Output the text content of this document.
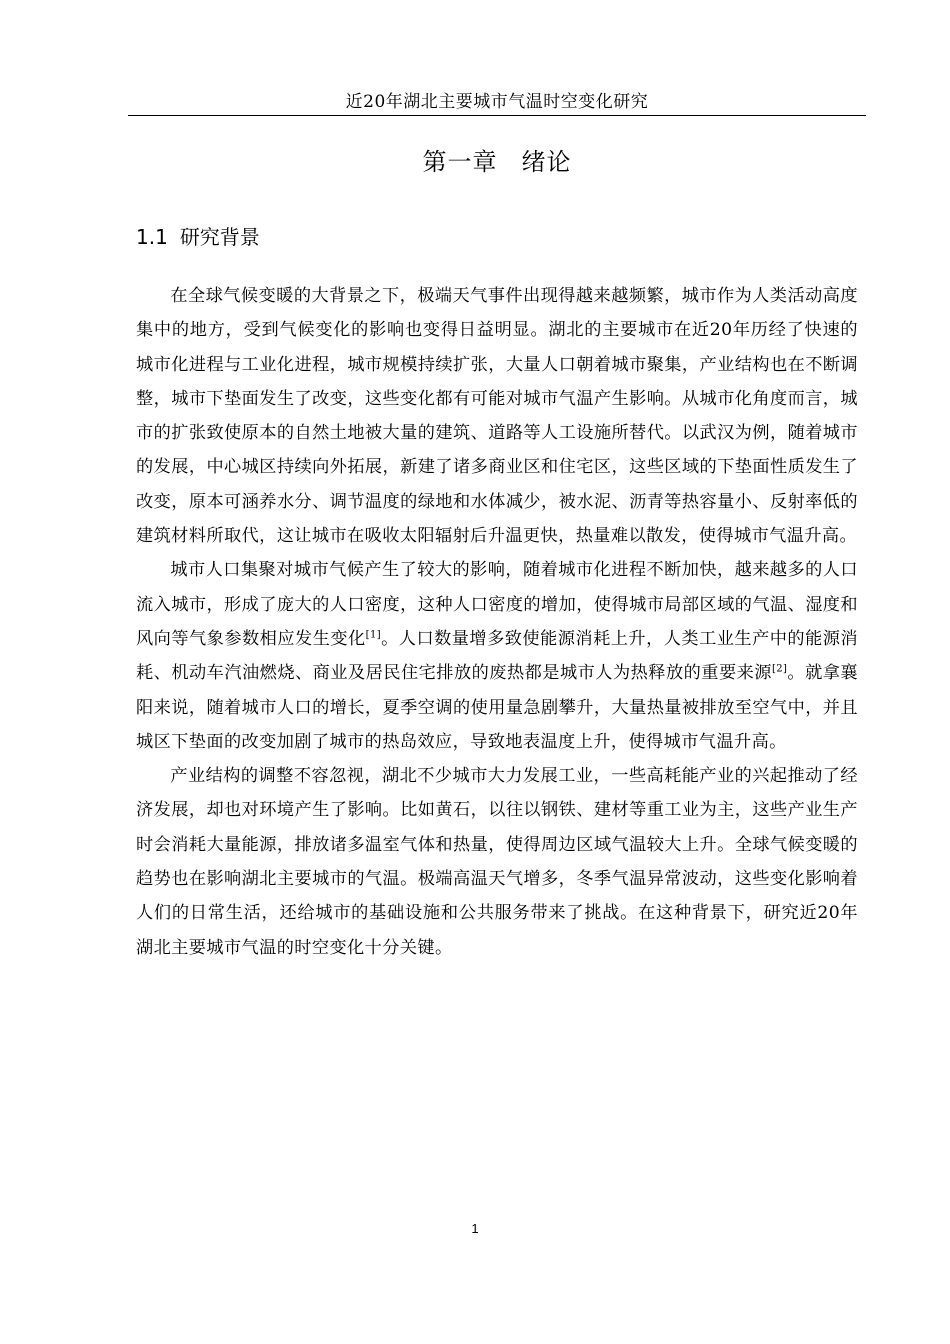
近20年湖北主要城市气温时空变化研究
第一章 绪论
1.1 研究背景

在全球气候变暖的大背景之下，极端天气事件出现得越来越频繁，城市作为人类活动高度集中的地方，受到气候变化的影响也变得日益明显。湖北的主要城市在近20年历经了快速的城市化进程与工业化进程，城市规模持续扩张，大量人口朝着城市聚集，产业结构也在不断调整，城市下垫面发生了改变，这些变化都有可能对城市气温产生影响。从城市化角度而言，城市的扩张致使原本的自然土地被大量的建筑、道路等人工设施所替代。以武汉为例，随着城市的发展，中心城区持续向外拓展，新建了诸多商业区和住宅区，这些区域的下垫面性质发生了改变，原本可涵养水分、调节温度的绿地和水体减少，被水泥、沥青等热容量小、反射率低的建筑材料所取代，这让城市在吸收太阳辐射后升温更快，热量难以散发，使得城市气温升高。

城市人口集聚对城市气候产生了较大的影响，随着城市化进程不断加快，越来越多的人口流入城市，形成了庞大的人口密度，这种人口密度的增加，使得城市局部区域的气温、湿度和风向等气象参数相应发生变化[1]。人口数量增多致使能源消耗上升，人类工业生产中的能源消耗、机动车汽油燃烧、商业及居民住宅排放的废热都是城市人为热释放的重要来源[2]。就拿襄阳来说，随着城市人口的增长，夏季空调的使用量急剧攀升，大量热量被排放至空气中，并且城区下垫面的改变加剧了城市的热岛效应，导致地表温度上升，使得城市气温升高。

产业结构的调整不容忽视，湖北不少城市大力发展工业，一些高耗能产业的兴起推动了经济发展，却也对环境产生了影响。比如黄石，以往以钢铁、建材等重工业为主，这些产业生产时会消耗大量能源，排放诸多温室气体和热量，使得周边区域气温较大上升。全球气候变暖的趋势也在影响湖北主要城市的气温。极端高温天气增多，冬季气温异常波动，这些变化影响着人们的日常生活，还给城市的基础设施和公共服务带来了挑战。在这种背景下，研究近20年湖北主要城市气温的时空变化十分关键。

1
